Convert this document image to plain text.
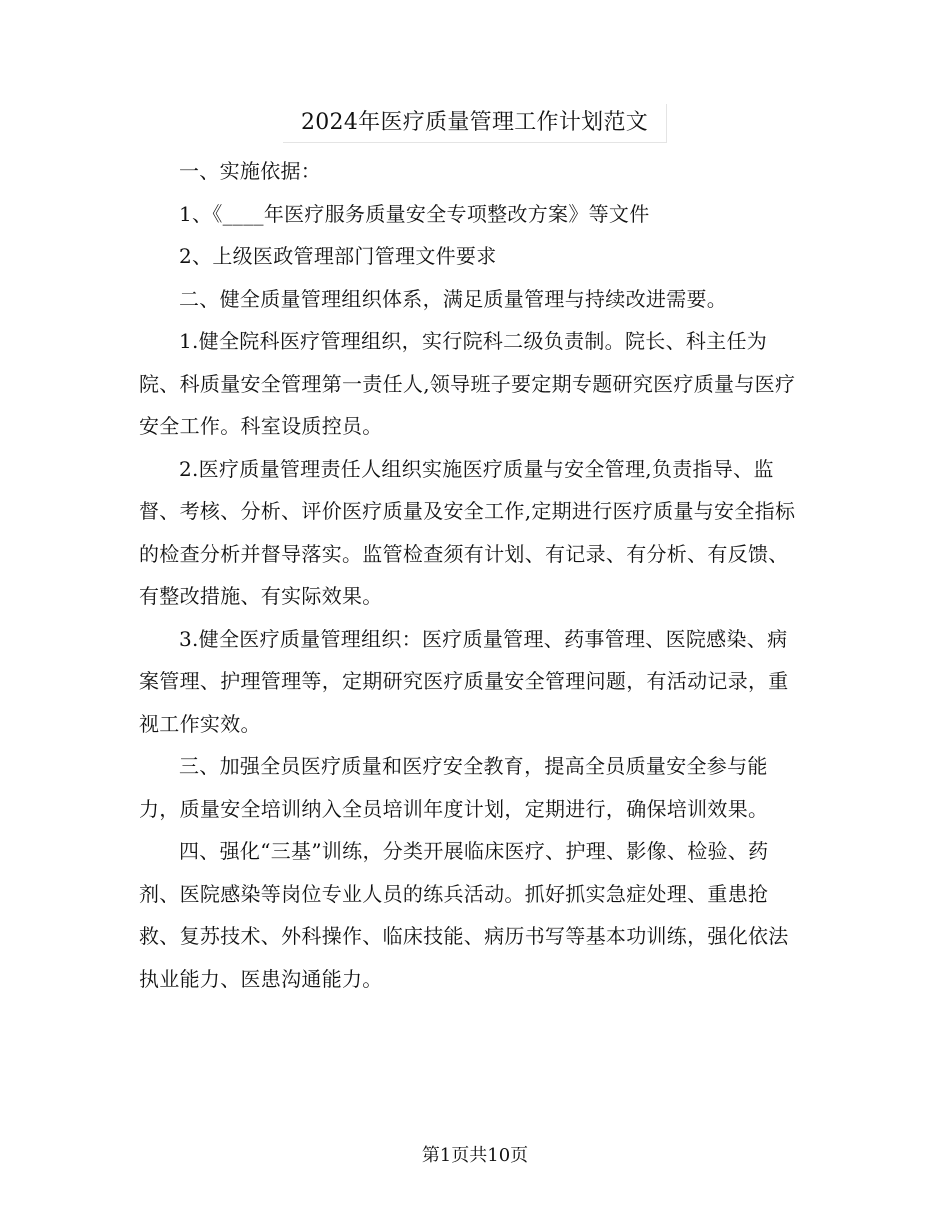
2024年医疗质量管理工作计划范文

一、实施依据：

1、《____年医疗服务质量安全专项整改方案》等文件

2、上级医政管理部门管理文件要求

二、健全质量管理组织体系，满足质量管理与持续改进需要。

1.健全院科医疗管理组织，实行院科二级负责制。院长、科主任为院、科质量安全管理第一责任人,领导班子要定期专题研究医疗质量与医疗安全工作。科室设质控员。

2.医疗质量管理责任人组织实施医疗质量与安全管理,负责指导、监督、考核、分析、评价医疗质量及安全工作,定期进行医疗质量与安全指标的检查分析并督导落实。监管检查须有计划、有记录、有分析、有反馈、有整改措施、有实际效果。

3.健全医疗质量管理组织：医疗质量管理、药事管理、医院感染、病案管理、护理管理等，定期研究医疗质量安全管理问题，有活动记录，重视工作实效。

三、加强全员医疗质量和医疗安全教育，提高全员质量安全参与能力，质量安全培训纳入全员培训年度计划，定期进行，确保培训效果。

四、强化“三基”训练，分类开展临床医疗、护理、影像、检验、药剂、医院感染等岗位专业人员的练兵活动。抓好抓实急症处理、重患抢救、复苏技术、外科操作、临床技能、病历书写等基本功训练，强化依法执业能力、医患沟通能力。

第1页共10页
